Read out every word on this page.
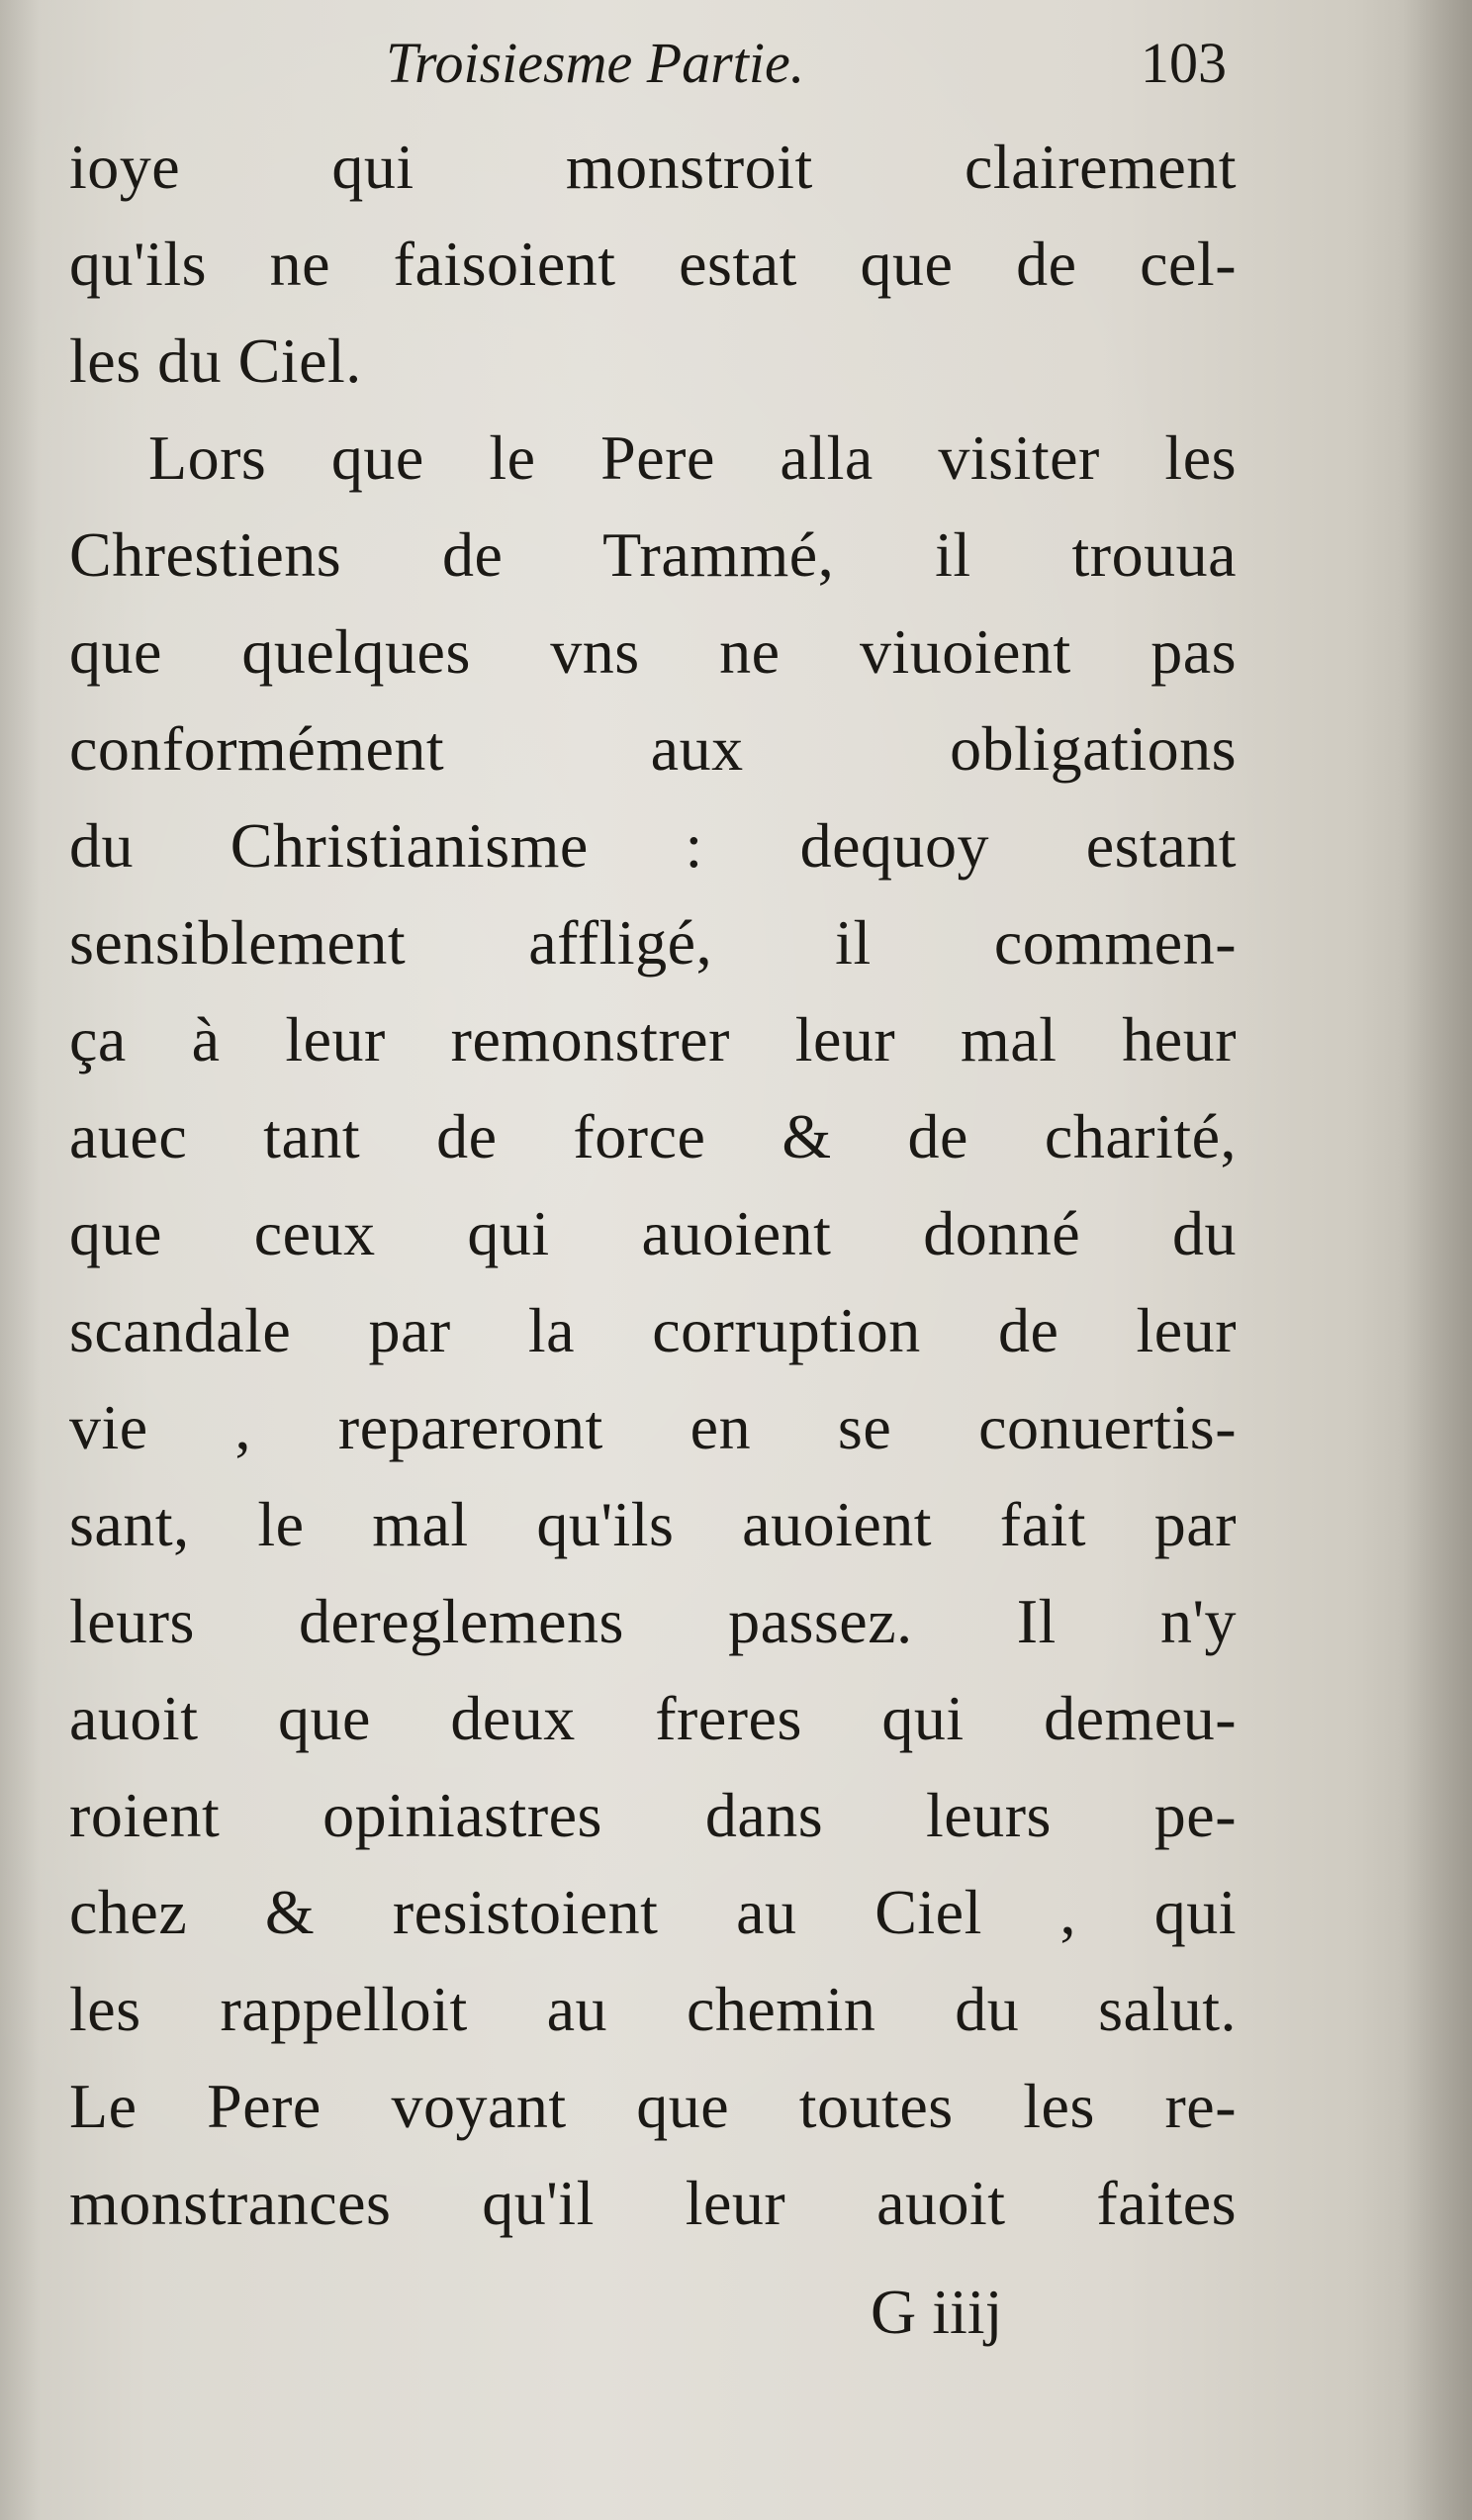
Troisiesme Partie.	103
ioye qui monstroit clairement
qu'ils ne faisoient estat que de cel-
les du Ciel.
Lors que le Pere alla visiter les
Chrestiens de Trammé, il trouua
que quelques vns ne viuoient pas
conformément aux obligations
du Christianisme : dequoy estant
sensiblement affligé, il commen-
ça à leur remonstrer leur mal heur
auec tant de force & de charité,
que ceux qui auoient donné du
scandale par la corruption de leur
vie , repareront en se conuertis-
sant, le mal qu'ils auoient fait par
leurs dereglemens passez. Il n'y
auoit que deux freres qui demeu-
roient opiniastres dans leurs pe-
chez & resistoient au Ciel , qui
les rappelloit au chemin du salut.
Le Pere voyant que toutes les re-
monstrances qu'il leur auoit faites
G iiij
